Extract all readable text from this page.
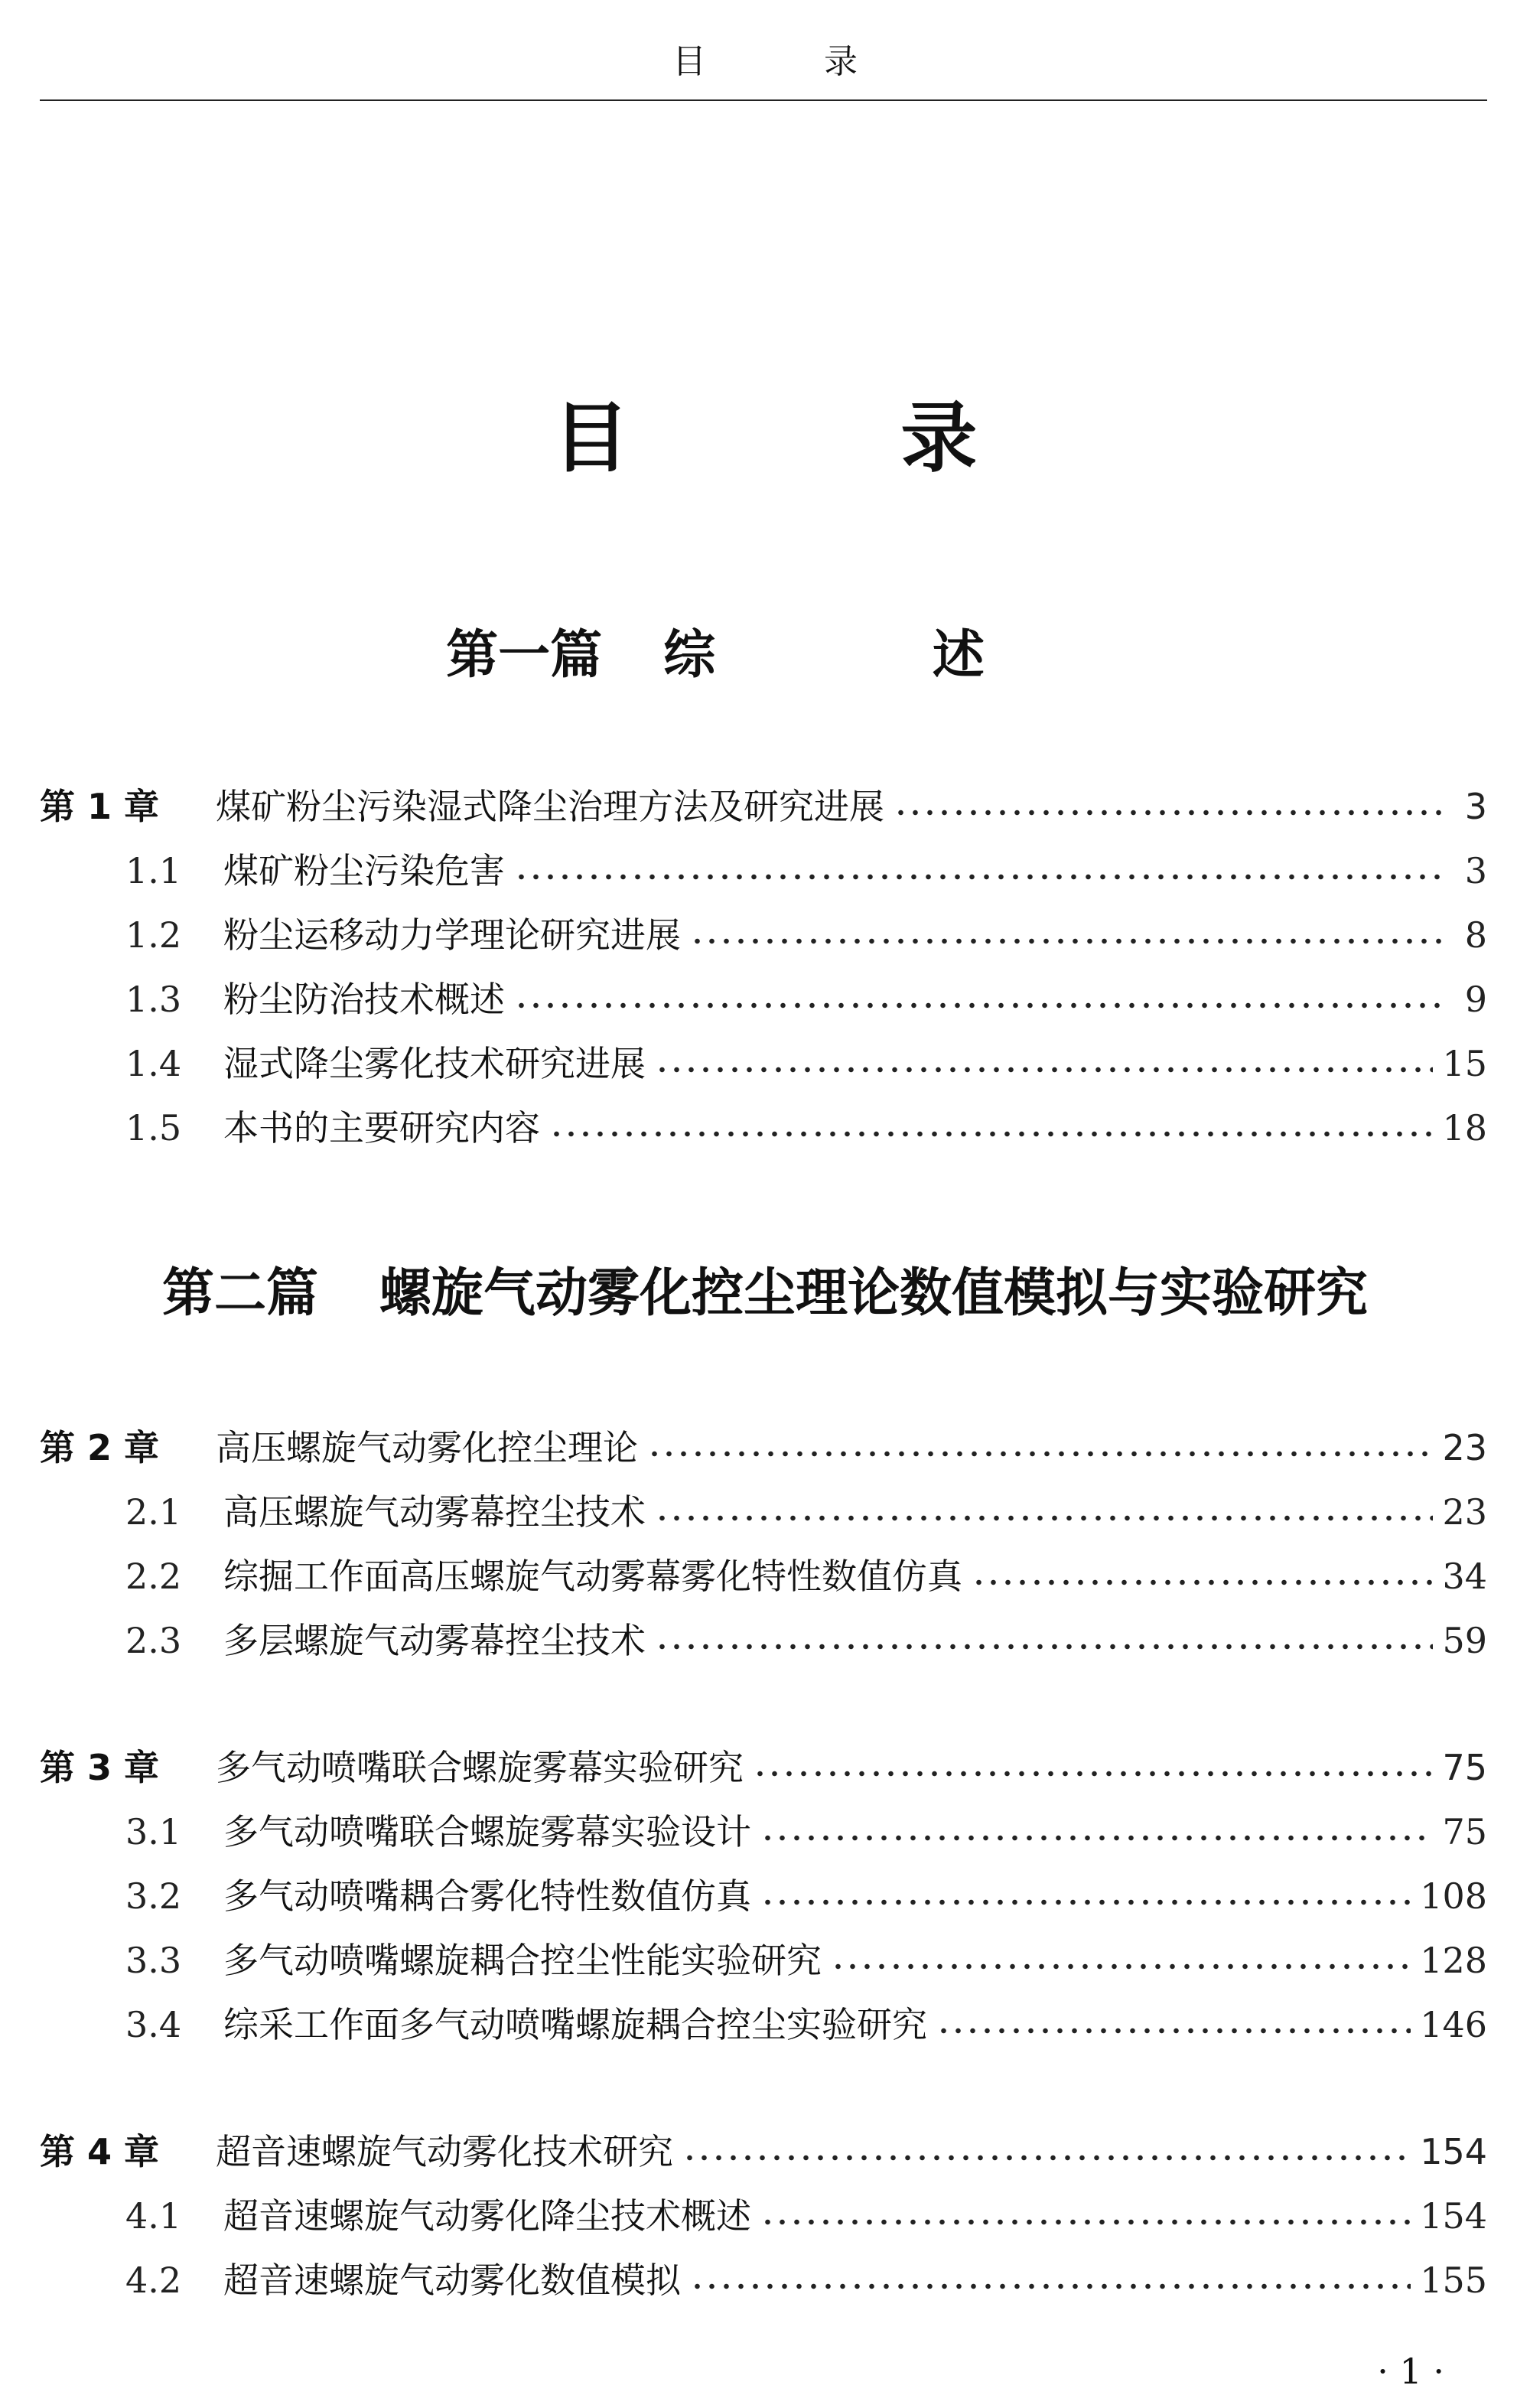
目 录
目 录
第一篇 综 述
第 1 章	煤矿粉尘污染湿式降尘治理方法及研究进展	3
1.1	煤矿粉尘污染危害	3
1.2	粉尘运移动力学理论研究进展	8
1.3	粉尘防治技术概述	9
1.4	湿式降尘雾化技术研究进展	15
1.5	本书的主要研究内容	18
第二篇 螺旋气动雾化控尘理论数值模拟与实验研究
第 2 章	高压螺旋气动雾化控尘理论	23
2.1	高压螺旋气动雾幕控尘技术	23
2.2	综掘工作面高压螺旋气动雾幕雾化特性数值仿真	34
2.3	多层螺旋气动雾幕控尘技术	59
第 3 章	多气动喷嘴联合螺旋雾幕实验研究	75
3.1	多气动喷嘴联合螺旋雾幕实验设计	75
3.2	多气动喷嘴耦合雾化特性数值仿真	108
3.3	多气动喷嘴螺旋耦合控尘性能实验研究	128
3.4	综采工作面多气动喷嘴螺旋耦合控尘实验研究	146
第 4 章	超音速螺旋气动雾化技术研究	154
4.1	超音速螺旋气动雾化降尘技术概述	154
4.2	超音速螺旋气动雾化数值模拟	155
· 1 ·
